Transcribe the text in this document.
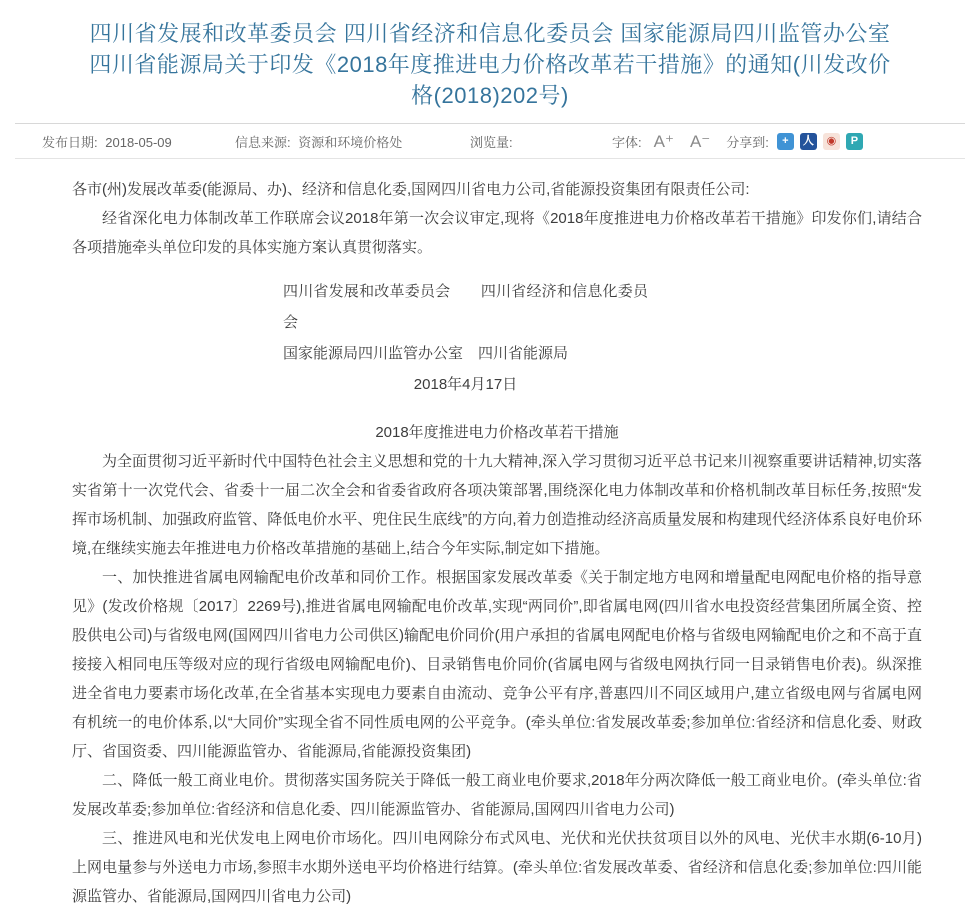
四川省发展和改革委员会 四川省经济和信息化委员会 国家能源局四川监管办公室 四川省能源局关于印发《2018年度推进电力价格改革若干措施》的通知(川发改价格(2018)202号)
发布日期: 2018-05-09	信息来源: 资源和环境价格处	浏览量:	字体: A⁺ A⁻ 分享到:	+	人	◉	P

各市(州)发展改革委(能源局、办)、经济和信息化委,国网四川省电力公司,省能源投资集团有限责任公司:

经省深化电力体制改革工作联席会议2018年第一次会议审定,现将《2018年度推进电力价格改革若干措施》印发你们,请结合各项措施牵头单位印发的具体实施方案认真贯彻落实。

四川省发展和改革委员会　　四川省经济和信息化委员会

国家能源局四川监管办公室　四川省能源局

2018年4月17日

2018年度推进电力价格改革若干措施

为全面贯彻习近平新时代中国特色社会主义思想和党的十九大精神,深入学习贯彻习近平总书记来川视察重要讲话精神,切实落实省第十一次党代会、省委十一届二次全会和省委省政府各项决策部署,围绕深化电力体制改革和价格机制改革目标任务,按照“发挥市场机制、加强政府监管、降低电价水平、兜住民生底线”的方向,着力创造推动经济高质量发展和构建现代经济体系良好电价环境,在继续实施去年推进电力价格改革措施的基础上,结合今年实际,制定如下措施。

一、加快推进省属电网输配电价改革和同价工作。根据国家发展改革委《关于制定地方电网和增量配电网配电价格的指导意见》(发改价格规〔2017〕2269号),推进省属电网输配电价改革,实现“两同价”,即省属电网(四川省水电投资经营集团所属全资、控股供电公司)与省级电网(国网四川省电力公司供区)输配电价同价(用户承担的省属电网配电价格与省级电网输配电价之和不高于直接接入相同电压等级对应的现行省级电网输配电价)、目录销售电价同价(省属电网与省级电网执行同一目录销售电价表)。纵深推进全省电力要素市场化改革,在全省基本实现电力要素自由流动、竞争公平有序,普惠四川不同区域用户,建立省级电网与省属电网有机统一的电价体系,以“大同价”实现全省不同性质电网的公平竞争。(牵头单位:省发展改革委;参加单位:省经济和信息化委、财政厅、省国资委、四川能源监管办、省能源局,省能源投资集团)

二、降低一般工商业电价。贯彻落实国务院关于降低一般工商业电价要求,2018年分两次降低一般工商业电价。(牵头单位:省发展改革委;参加单位:省经济和信息化委、四川能源监管办、省能源局,国网四川省电力公司)

三、推进风电和光伏发电上网电价市场化。四川电网除分布式风电、光伏和光伏扶贫项目以外的风电、光伏丰水期(6-10月)上网电量参与外送电力市场,参照丰水期外送电平均价格进行结算。(牵头单位:省发展改革委、省经济和信息化委;参加单位:四川能源监管办、省能源局,国网四川省电力公司)
